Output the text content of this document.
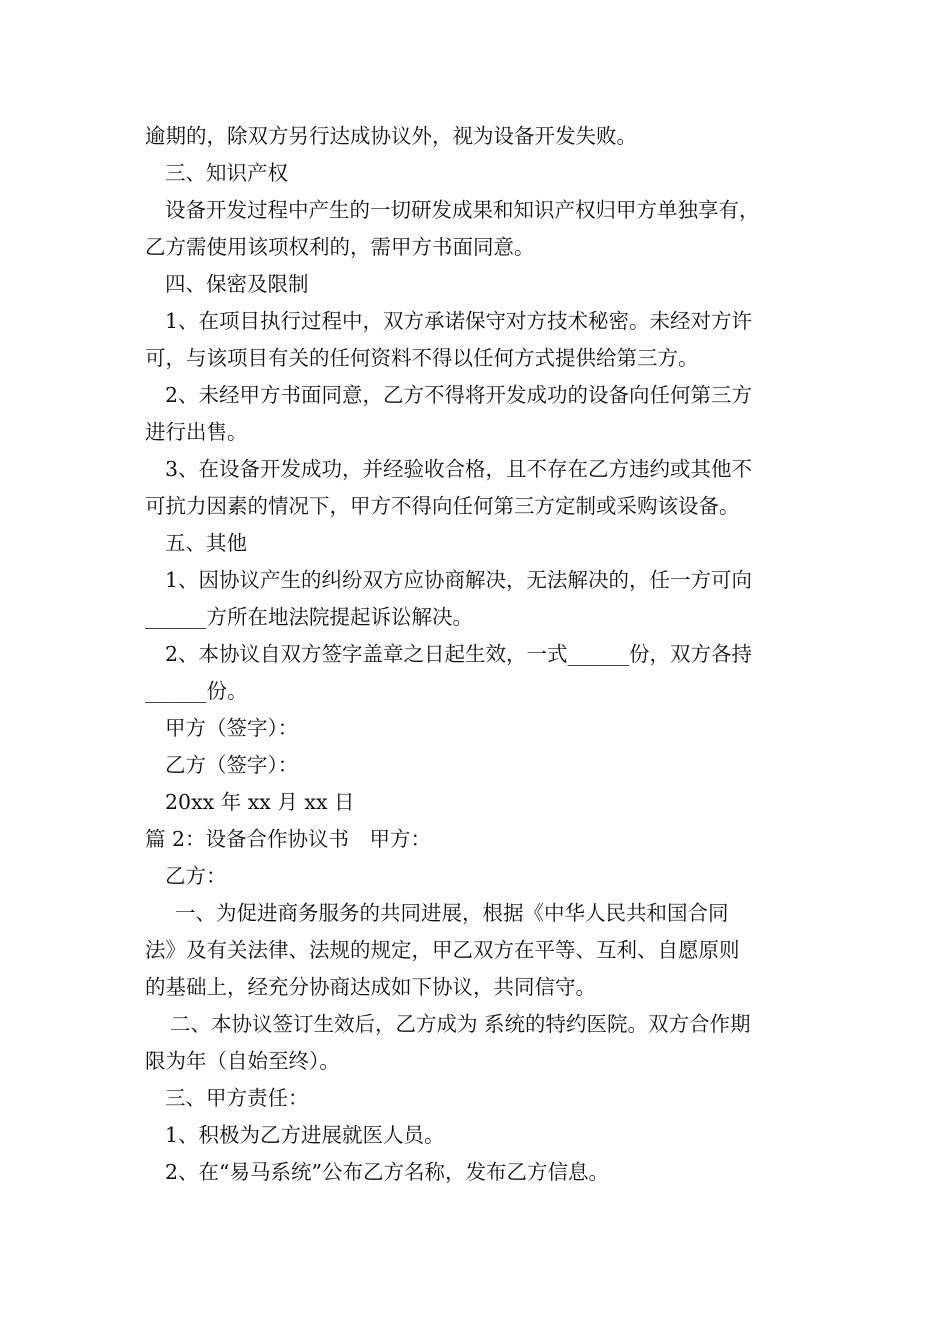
逾期的，除双方另行达成协议外，视为设备开发失败。

三、知识产权

设备开发过程中产生的一切研发成果和知识产权归甲方单独享有，

乙方需使用该项权利的，需甲方书面同意。

四、保密及限制

1、在项目执行过程中，双方承诺保守对方技术秘密。未经对方许

可，与该项目有关的任何资料不得以任何方式提供给第三方。

2、未经甲方书面同意，乙方不得将开发成功的设备向任何第三方

进行出售。

3、在设备开发成功，并经验收合格，且不存在乙方违约或其他不

可抗力因素的情况下，甲方不得向任何第三方定制或采购该设备。

五、其他

1、因协议产生的纠纷双方应协商解决，无法解决的，任一方可向

______方所在地法院提起诉讼解决。

2、本协议自双方签字盖章之日起生效，一式______份，双方各持

______份。

甲方（签字）：

乙方（签字）：

20xx 年 xx 月 xx 日

篇 2：设备合作协议书　甲方：

乙方：

一、为促进商务服务的共同进展，根据《中华人民共和国合同

法》及有关法律、法规的规定，甲乙双方在平等、互利、自愿原则

的基础上，经充分协商达成如下协议，共同信守。

二、本协议签订生效后，乙方成为 系统的特约医院。双方合作期

限为年（自始至终）。

三、甲方责任：

1、积极为乙方进展就医人员。

2、在“易马系统”公布乙方名称，发布乙方信息。
